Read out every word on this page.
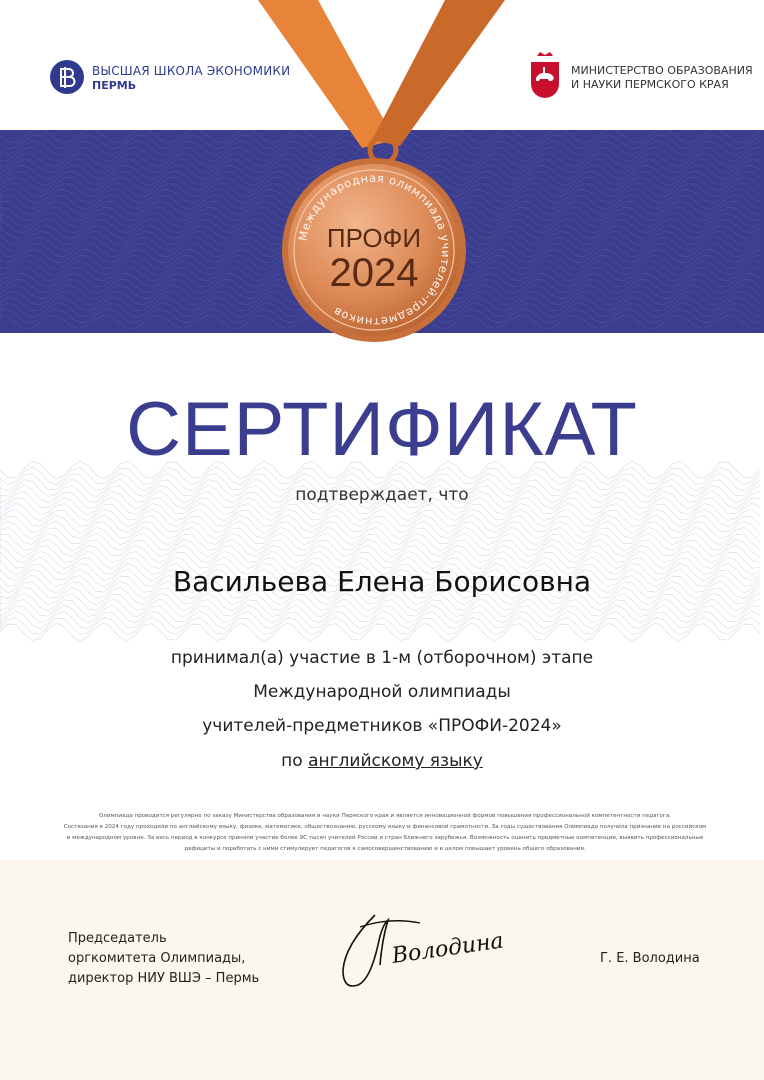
Международная олимпиада учителей-предметников
ПРОФИ
2024
ВЫСШАЯ ШКОЛА ЭКОНОМИКИ
ПЕРМЬ
МИНИСТЕРСТВО ОБРАЗОВАНИЯ
И НАУКИ ПЕРМСКОГО КРАЯ
СЕРТИФИКАТ
подтверждает, что
Васильева Елена Борисовна
принимал(а) участие в 1-м (отборочном) этапе
Международной олимпиады
учителей-предметников «ПРОФИ-2024»
по английскому языку
Олимпиада проводится регулярно по заказу Министерства образования и науки Пермского края и является инновационной формой повышения профессиональной компетентности педагога.
Состязания в 2024 году проходили по английскому языку, физике, математике, обществознанию, русскому языку и финансовой грамотности. За годы существования Олимпиада получила признание на российском
и международном уровне. За весь период в конкурсе приняли участие более 9С тысяч учителей России и стран ближнего зарубежья. Возможность оценить предметные компетенции, выявить профессиональные
дефициты и поработать с ними стимулирует педагогов к самосовершенствованию и в целом повышает уровень общего образования.
Председатель
оргкомитета Олимпиады,
директор НИУ ВШЭ – Пермь
Володина	Г. Е. Володина
